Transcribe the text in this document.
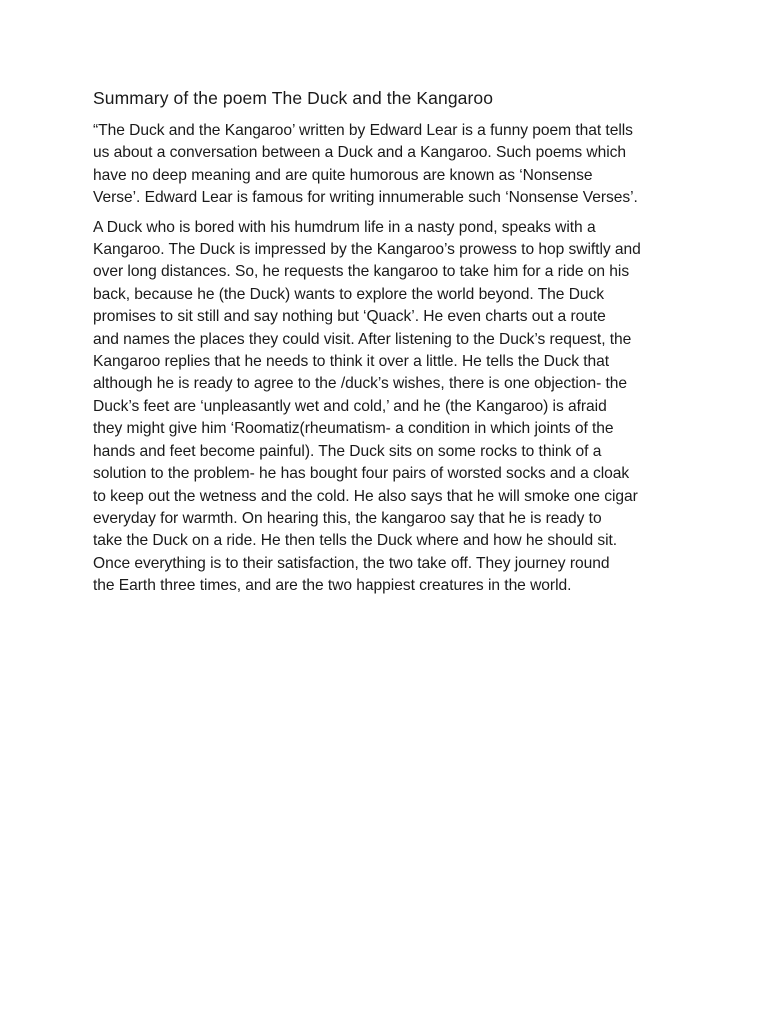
Summary of the poem The Duck and the Kangaroo

“The Duck and the Kangaroo’ written by Edward Lear is a funny poem that tells
us about a conversation between a Duck and a Kangaroo. Such poems which
have no deep meaning and are quite humorous are known as ‘Nonsense
Verse’. Edward Lear is famous for writing innumerable such ‘Nonsense Verses’.

A Duck who is bored with his humdrum life in a nasty pond, speaks with a
Kangaroo. The Duck is impressed by the Kangaroo’s prowess to hop swiftly and
over long distances. So, he requests the kangaroo to take him for a ride on his
back, because he (the Duck) wants to explore the world beyond. The Duck
promises to sit still and say nothing but ‘Quack’. He even charts out a route
and names the places they could visit. After listening to the Duck’s request, the
Kangaroo replies that he needs to think it over a little. He tells the Duck that
although he is ready to agree to the /duck’s wishes, there is one objection- the
Duck’s feet are ‘unpleasantly wet and cold,’ and he (the Kangaroo) is afraid
they might give him ‘Roomatiz(rheumatism- a condition in which joints of the
hands and feet become painful). The Duck sits on some rocks to think of a
solution to the problem- he has bought four pairs of worsted socks and a cloak
to keep out the wetness and the cold. He also says that he will smoke one cigar
everyday for warmth. On hearing this, the kangaroo say that he is ready to
take the Duck on a ride. He then tells the Duck where and how he should sit.
Once everything is to their satisfaction, the two take off. They journey round
the Earth three times, and are the two happiest creatures in the world.
